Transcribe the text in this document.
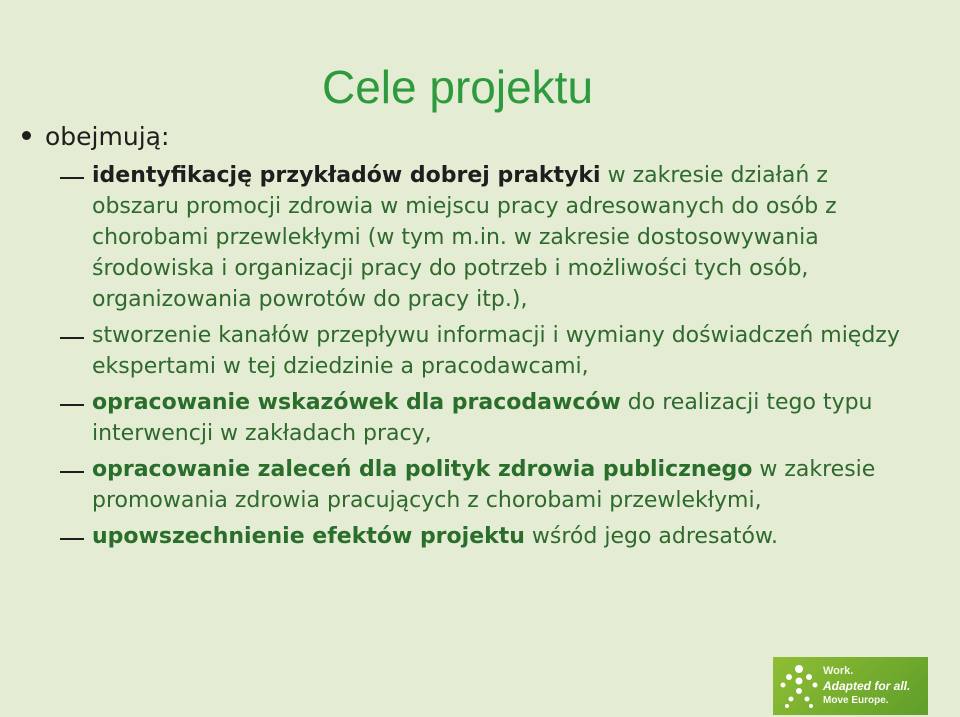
Cele projektu
obejmują:
identyfikację przykładów dobrej praktyki w zakresie działań z obszaru promocji zdrowia w miejscu pracy adresowanych do osób z chorobami przewlekłymi (w tym m.in. w zakresie dostosowywania środowiska i organizacji pracy do potrzeb i możliwości tych osób, organizowania powrotów do pracy itp.),
stworzenie kanałów przepływu informacji i wymiany doświadczeń między ekspertami w tej dziedzinie a pracodawcami,
opracowanie wskazówek dla pracodawców do realizacji tego typu interwencji w zakładach pracy,
opracowanie zaleceń dla polityk zdrowia publicznego w zakresie promowania zdrowia pracujących z chorobami przewlekłymi,
upowszechnienie efektów projektu wśród jego adresatów.
Work.
Adapted for all.
Move Europe.
